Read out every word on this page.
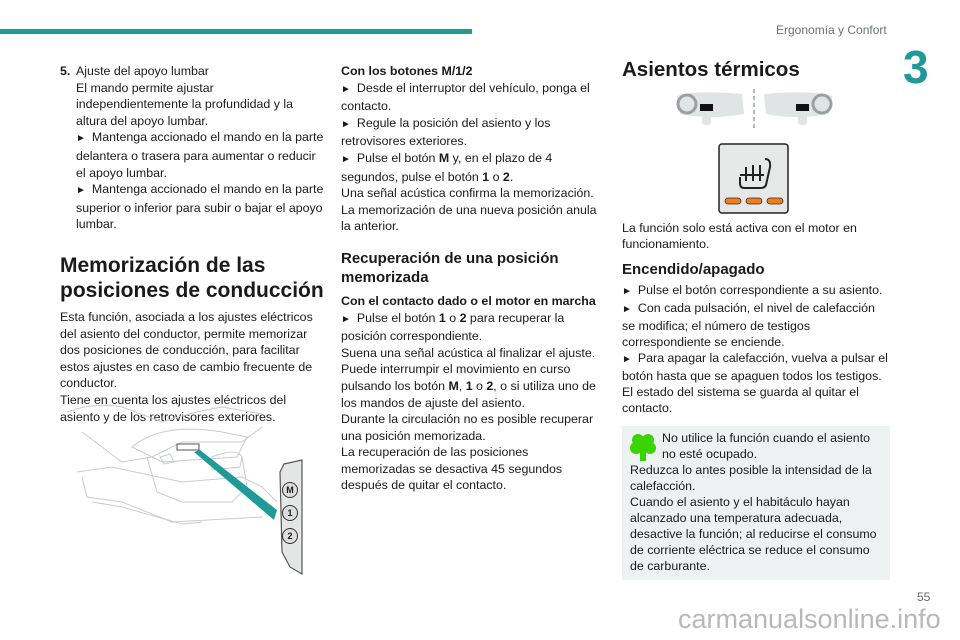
Ergonomía y Confort
3
5. Ajuste del apoyo lumbar
El mando permite ajustar independientemente la profundidad y la altura del apoyo lumbar.
► Mantenga accionado el mando en la parte delantera o trasera para aumentar o reducir el apoyo lumbar.
► Mantenga accionado el mando en la parte superior o inferior para subir o bajar el apoyo lumbar.
Memorización de las posiciones de conducción
Esta función, asociada a los ajustes eléctricos del asiento del conductor, permite memorizar dos posiciones de conducción, para facilitar estos ajustes en caso de cambio frecuente de conductor.
Tiene en cuenta los ajustes eléctricos del asiento y de los retrovisores exteriores.
M
1
2
Con los botones M/1/2
► Desde el interruptor del vehículo, ponga el contacto.
► Regule la posición del asiento y los retrovisores exteriores.
► Pulse el botón M y, en el plazo de 4 segundos, pulse el botón 1 o 2.
Una señal acústica confirma la memorización.
La memorización de una nueva posición anula la anterior.
Recuperación de una posición memorizada
Con el contacto dado o el motor en marcha
► Pulse el botón 1 o 2 para recuperar la posición correspondiente.
Suena una señal acústica al finalizar el ajuste.
Puede interrumpir el movimiento en curso pulsando los botón M, 1 o 2, o si utiliza uno de los mandos de ajuste del asiento.
Durante la circulación no es posible recuperar una posición memorizada.
La recuperación de las posiciones memorizadas se desactiva 45 segundos después de quitar el contacto.
Asientos térmicos
La función solo está activa con el motor en funcionamiento.
Encendido/apagado
► Pulse el botón correspondiente a su asiento.
► Con cada pulsación, el nivel de calefacción se modifica; el número de testigos correspondiente se enciende.
► Para apagar la calefacción, vuelva a pulsar el botón hasta que se apaguen todos los testigos.
El estado del sistema se guarda al quitar el contacto.
No utilice la función cuando el asiento no esté ocupado.
Reduzca lo antes posible la intensidad de la calefacción.
Cuando el asiento y el habitáculo hayan alcanzado una temperatura adecuada, desactive la función; al reducirse el consumo de corriente eléctrica se reduce el consumo de carburante.
carmanualsonline.info
55
